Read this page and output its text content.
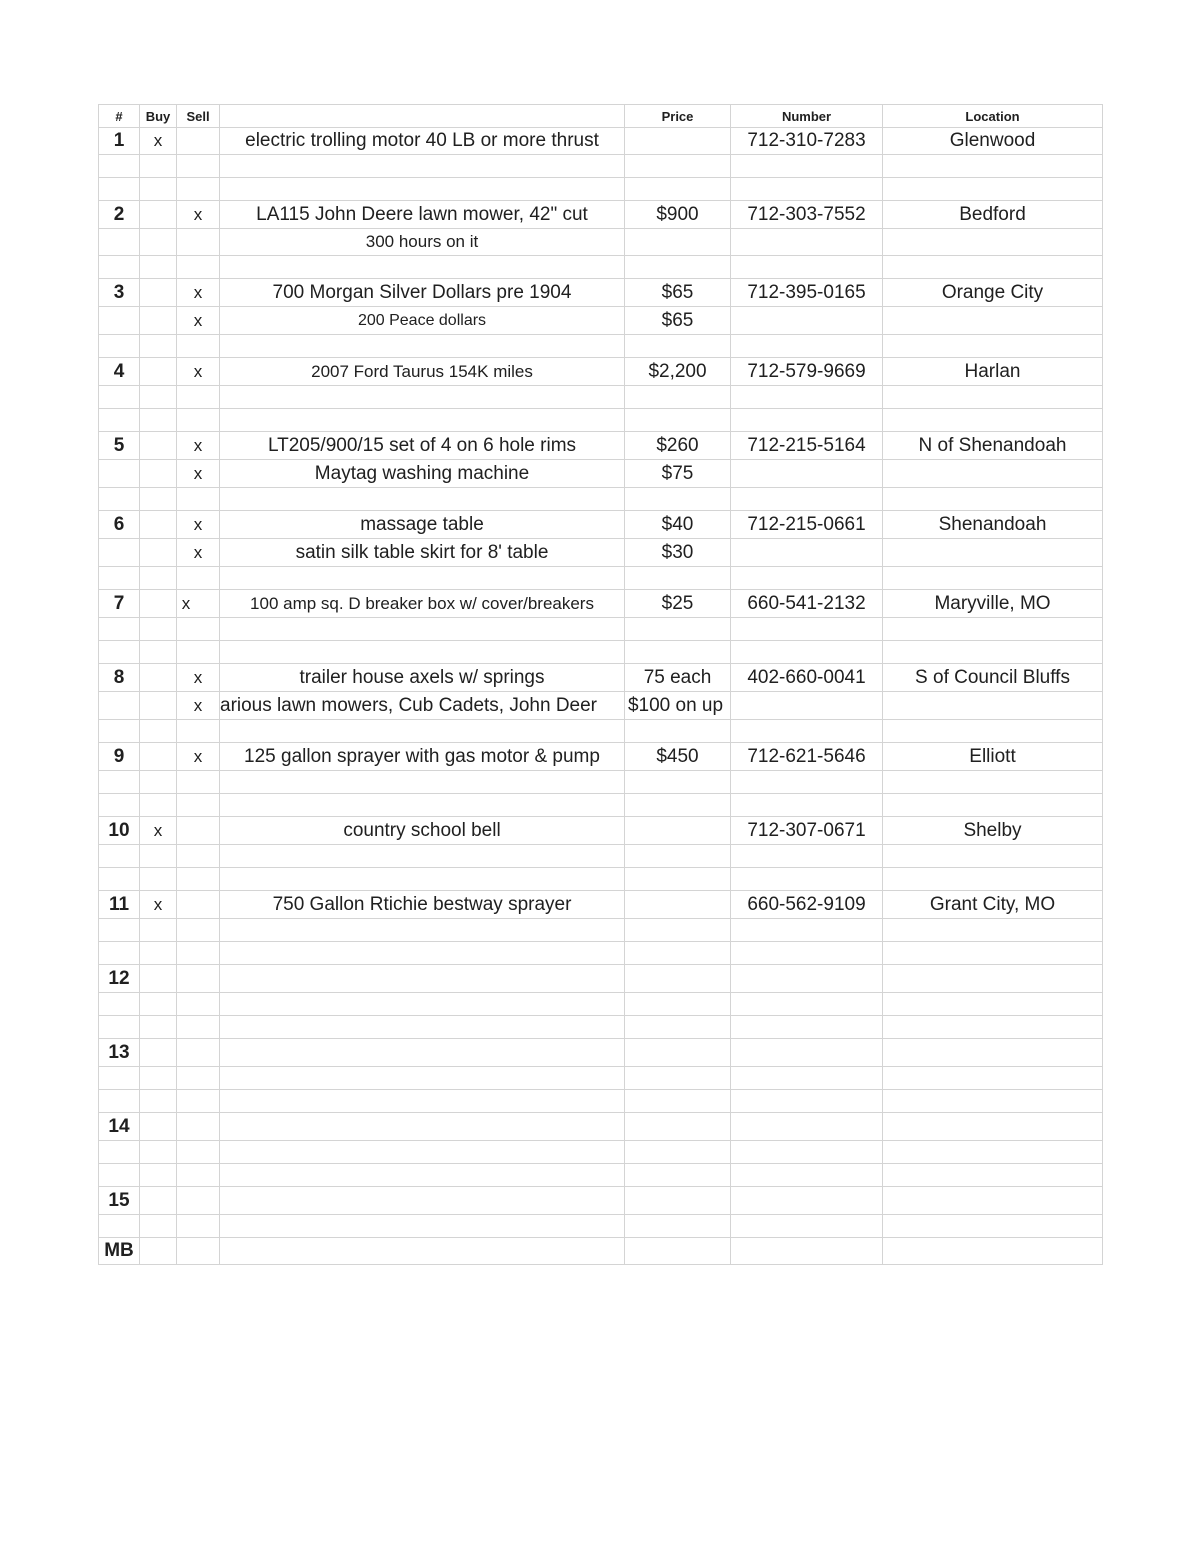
#	Buy	Sell		Price	Number	Location
1	x		electric trolling motor 40 LB or more thrust		712-310-7283	Glenwood

2		x	LA115 John Deere lawn mower, 42" cut	$900	712-303-7552	Bedford

			300 hours on it			

3		x	700 Morgan Silver Dollars pre 1904	$65	712-395-0165	Orange City
		x	200 Peace dollars	$65		

4		x	2007 Ford Taurus 154K miles	$2,200	712-579-9669	Harlan

5		x	LT205/900/15 set of 4 on 6 hole rims	$260	712-215-5164	N of Shenandoah
		x	Maytag washing machine	$75		

6		x	massage table	$40	712-215-0661	Shenandoah
		x	satin silk table skirt for 8' table	$30		

7		x	100 amp sq. D breaker box w/ cover/breakers	$25	660-541-2132	Maryville, MO

8		x	trailer house axels w/ springs	75 each	402-660-0041	S of Council Bluffs
		x	arious lawn mowers, Cub Cadets, John Deer	$100 on up		

9		x	125 gallon sprayer with gas motor & pump	$450	712-621-5646	Elliott

10	x		country school bell		712-307-0671	Shelby

11	x		750 Gallon Rtichie bestway sprayer		660-562-9109	Grant City, MO

12			

13			

14			

15			

MB			
